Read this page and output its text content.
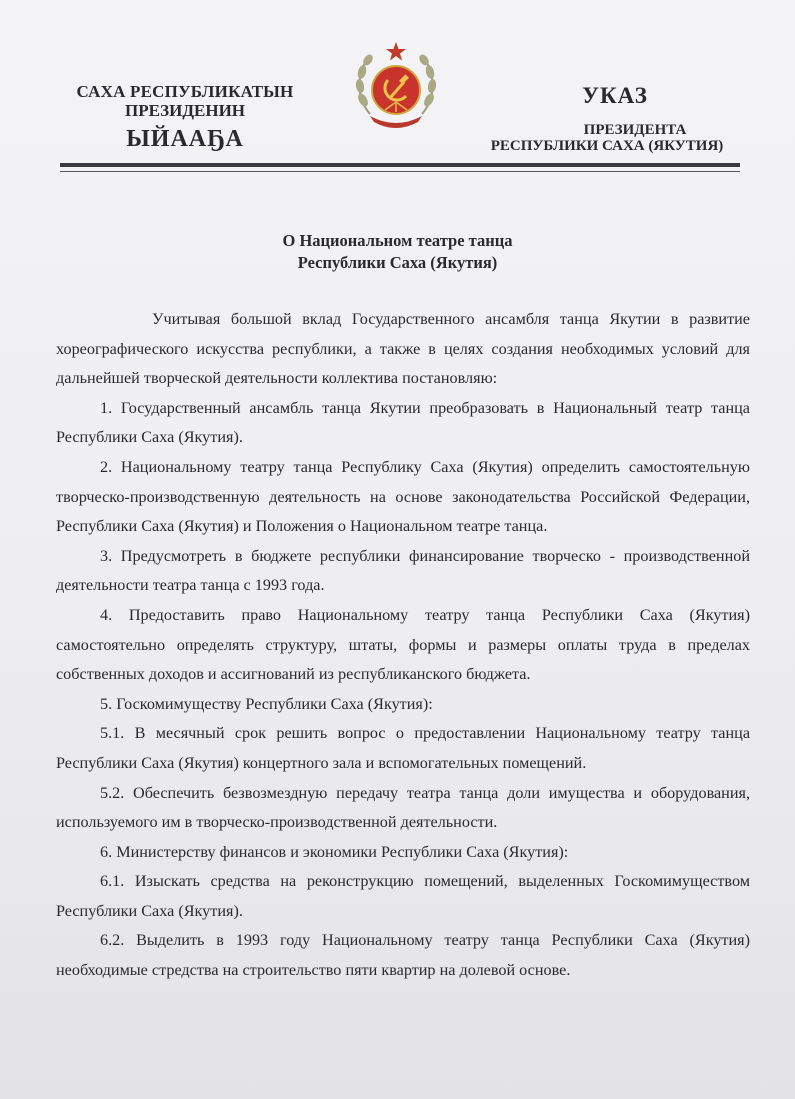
САХА РЕСПУБЛИКАТЫН
ПРЕЗИДЕНИН
ЫЙААҔА
УКАЗ
ПРЕЗИДЕНТА
РЕСПУБЛИКИ САХА (ЯКУТИЯ)
О Национальном театре танца
Республики Саха (Якутия)

Учитывая большой вклад Государственного ансамбля танца Якутии в развитие хореографического искусства республики, а также в целях создания необходимых условий для дальнейшей творческой деятельности коллектива постановляю:

1. Государственный ансамбль танца Якутии преобразовать в Национальный театр танца Республики Саха (Якутия).

2. Национальному театру танца Республику Саха (Якутия) определить самостоятельную творческо-производственную деятельность на основе законодательства Российской Федерации, Республики Саха (Якутия) и Положения о Национальном театре танца.

3. Предусмотреть в бюджете республики финансирование творческо - производственной деятельности театра танца с 1993 года.

4. Предоставить право Национальному театру танца Республики Саха (Якутия) самостоятельно определять структуру, штаты, формы и размеры оплаты труда в пределах собственных доходов и ассигнований из республиканского бюджета.

5. Госкомимуществу Республики Саха (Якутия):

5.1. В месячный срок решить вопрос о предоставлении Национальному театру танца Республики Саха (Якутия) концертного зала и вспомогательных помещений.

5.2. Обеспечить безвозмездную передачу театра танца доли имущества и оборудования, используемого им в творческо-производственной деятельности.

6. Министерству финансов и экономики Республики Саха (Якутия):

6.1. Изыскать средства на реконструкцию помещений, выделенных Госкомимуществом Республики Саха (Якутия).

6.2. Выделить в 1993 году Национальному театру танца Республики Саха (Якутия) необходимые стредства на строительство пяти квартир на долевой основе.
